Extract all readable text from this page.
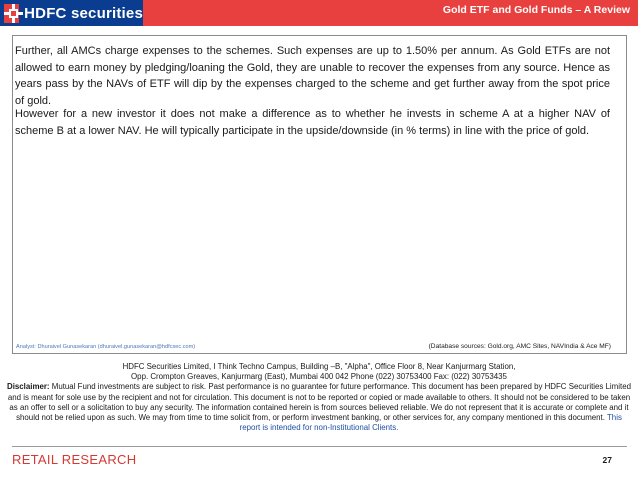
HDFC securities	Gold ETF and Gold Funds – A Review

Further, all AMCs charge expenses to the schemes. Such expenses are up to 1.50% per annum. As Gold ETFs are not allowed to earn money by pledging/loaning the Gold, they are unable to recover the expenses from any source. Hence as years pass by the NAVs of ETF will dip by the expenses charged to the scheme and get further away from the spot price of gold.

However for a new investor it does not make a difference as to whether he invests in scheme A at a higher NAV of scheme B at a lower NAV. He will typically participate in the upside/downside (in % terms) in line with the price of gold.

Analyst: Dhuraivel Gunasekaran (dhuraivel.gunasekaran@hdfcsec.com)	(Database sources: Gold.org, AMC Sites, NAVIndia & Ace MF)
HDFC Securities Limited, I Think Techno Campus, Building –B, "Alpha", Office Floor 8, Near Kanjurmarg Station,
Opp. Crompton Greaves, Kanjurmarg (East), Mumbai 400 042 Phone (022) 30753400 Fax: (022) 30753435
Disclaimer: Mutual Fund investments are subject to risk. Past performance is no guarantee for future performance. This document has been prepared by HDFC Securities Limited and is meant for sole use by the recipient and not for circulation. This document is not to be reported or copied or made available to others. It should not be considered to be taken as an offer to sell or a solicitation to buy any security. The information contained herein is from sources believed reliable. We do not represent that it is accurate or complete and it should not be relied upon as such. We may from time to time solicit from, or perform investment banking, or other services for, any company mentioned in this document. This report is intended for non-Institutional Clients.
RETAIL RESEARCH	27
